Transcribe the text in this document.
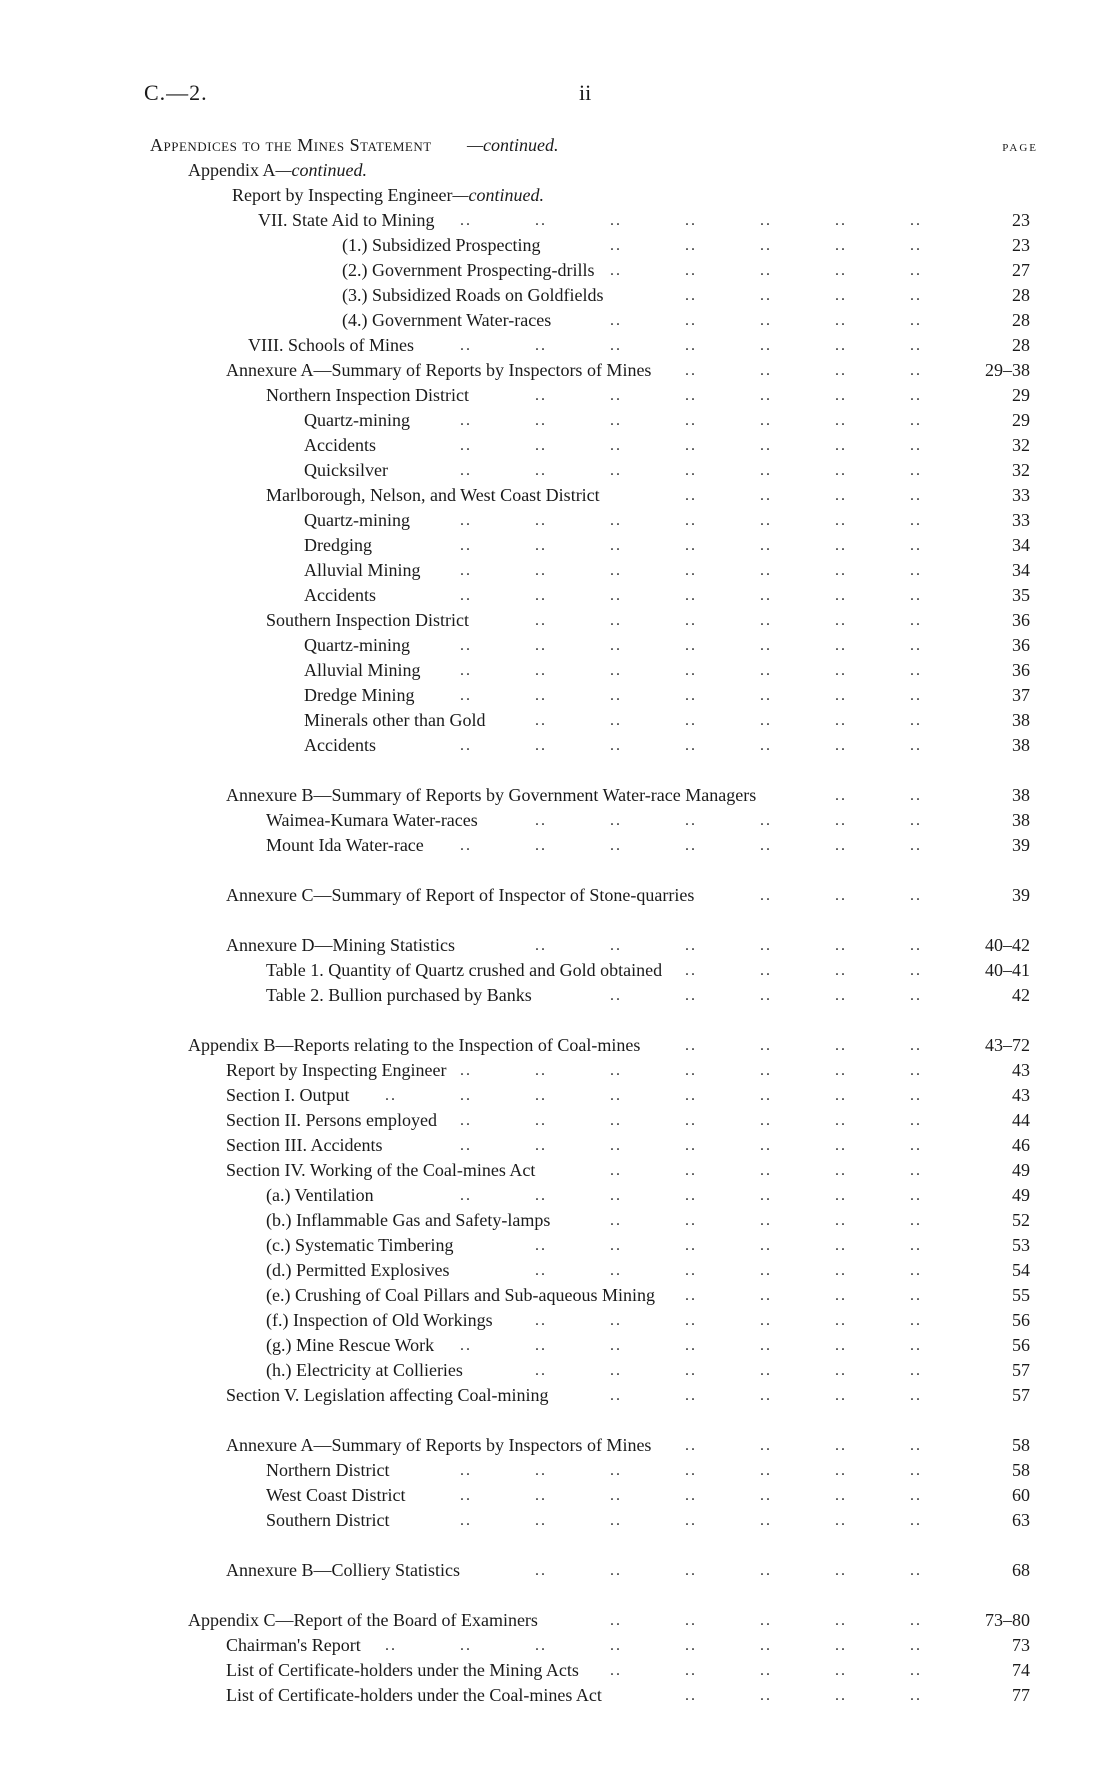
C.—2.	ii
Appendices to the Mines Statement —continued.	PAGE
Appendix A—continued.
Report by Inspecting Engineer—continued.
VII. State Aid to Mining	23
..	..	..	..	..	..	..
(1.) Subsidized Prospecting	23
..	..	..	..	..
(2.) Government Prospecting-drills	27
..	..	..	..	..
(3.) Subsidized Roads on Goldfields	28
..	..	..	..
(4.) Government Water-races	28
..	..	..	..	..
VIII. Schools of Mines	28
..	..	..	..	..	..	..
Annexure A—Summary of Reports by Inspectors of Mines	29–38
..	..	..	..
Northern Inspection District	29
..	..	..	..	..	..
Quartz-mining	29
..	..	..	..	..	..	..
Accidents	32
..	..	..	..	..	..	..
Quicksilver	32
..	..	..	..	..	..	..
Marlborough, Nelson, and West Coast District	33
..	..	..	..
Quartz-mining	33
..	..	..	..	..	..	..
Dredging	34
..	..	..	..	..	..	..
Alluvial Mining	34
..	..	..	..	..	..	..
Accidents	35
..	..	..	..	..	..	..
Southern Inspection District	36
..	..	..	..	..	..
Quartz-mining	36
..	..	..	..	..	..	..
Alluvial Mining	36
..	..	..	..	..	..	..
Dredge Mining	37
..	..	..	..	..	..	..
Minerals other than Gold	38
..	..	..	..	..	..
Accidents	38
..	..	..	..	..	..	..
Annexure B—Summary of Reports by Government Water-race Managers	38
..	..
Waimea-Kumara Water-races	38
..	..	..	..	..	..
Mount Ida Water-race	39
..	..	..	..	..	..	..
Annexure C—Summary of Report of Inspector of Stone-quarries	39
..	..	..
Annexure D—Mining Statistics	40–42
..	..	..	..	..	..
Table 1. Quantity of Quartz crushed and Gold obtained	40–41
..	..	..	..
Table 2. Bullion purchased by Banks	42
..	..	..	..	..
Appendix B—Reports relating to the Inspection of Coal-mines	43–72
..	..	..	..
Report by Inspecting Engineer	43
..	..	..	..	..	..	..
Section I. Output	43
..	..	..	..	..	..	..	..
Section II. Persons employed	44
..	..	..	..	..	..	..
Section III. Accidents	46
..	..	..	..	..	..	..
Section IV. Working of the Coal-mines Act	49
..	..	..	..	..
(a.) Ventilation	49
..	..	..	..	..	..	..
(b.) Inflammable Gas and Safety-lamps	52
..	..	..	..	..
(c.) Systematic Timbering	53
..	..	..	..	..	..
(d.) Permitted Explosives	54
..	..	..	..	..	..
(e.) Crushing of Coal Pillars and Sub-aqueous Mining	55
..	..	..	..
(f.) Inspection of Old Workings	56
..	..	..	..	..	..
(g.) Mine Rescue Work	56
..	..	..	..	..	..	..
(h.) Electricity at Collieries	57
..	..	..	..	..	..
Section V. Legislation affecting Coal-mining	57
..	..	..	..	..
Annexure A—Summary of Reports by Inspectors of Mines	58
..	..	..	..
Northern District	58
..	..	..	..	..	..	..
West Coast District	60
..	..	..	..	..	..	..
Southern District	63
..	..	..	..	..	..	..
Annexure B—Colliery Statistics	68
..	..	..	..	..	..
Appendix C—Report of the Board of Examiners	73–80
..	..	..	..	..
Chairman's Report	73
..	..	..	..	..	..	..	..
List of Certificate-holders under the Mining Acts	74
..	..	..	..	..
List of Certificate-holders under the Coal-mines Act	77
..	..	..	..
